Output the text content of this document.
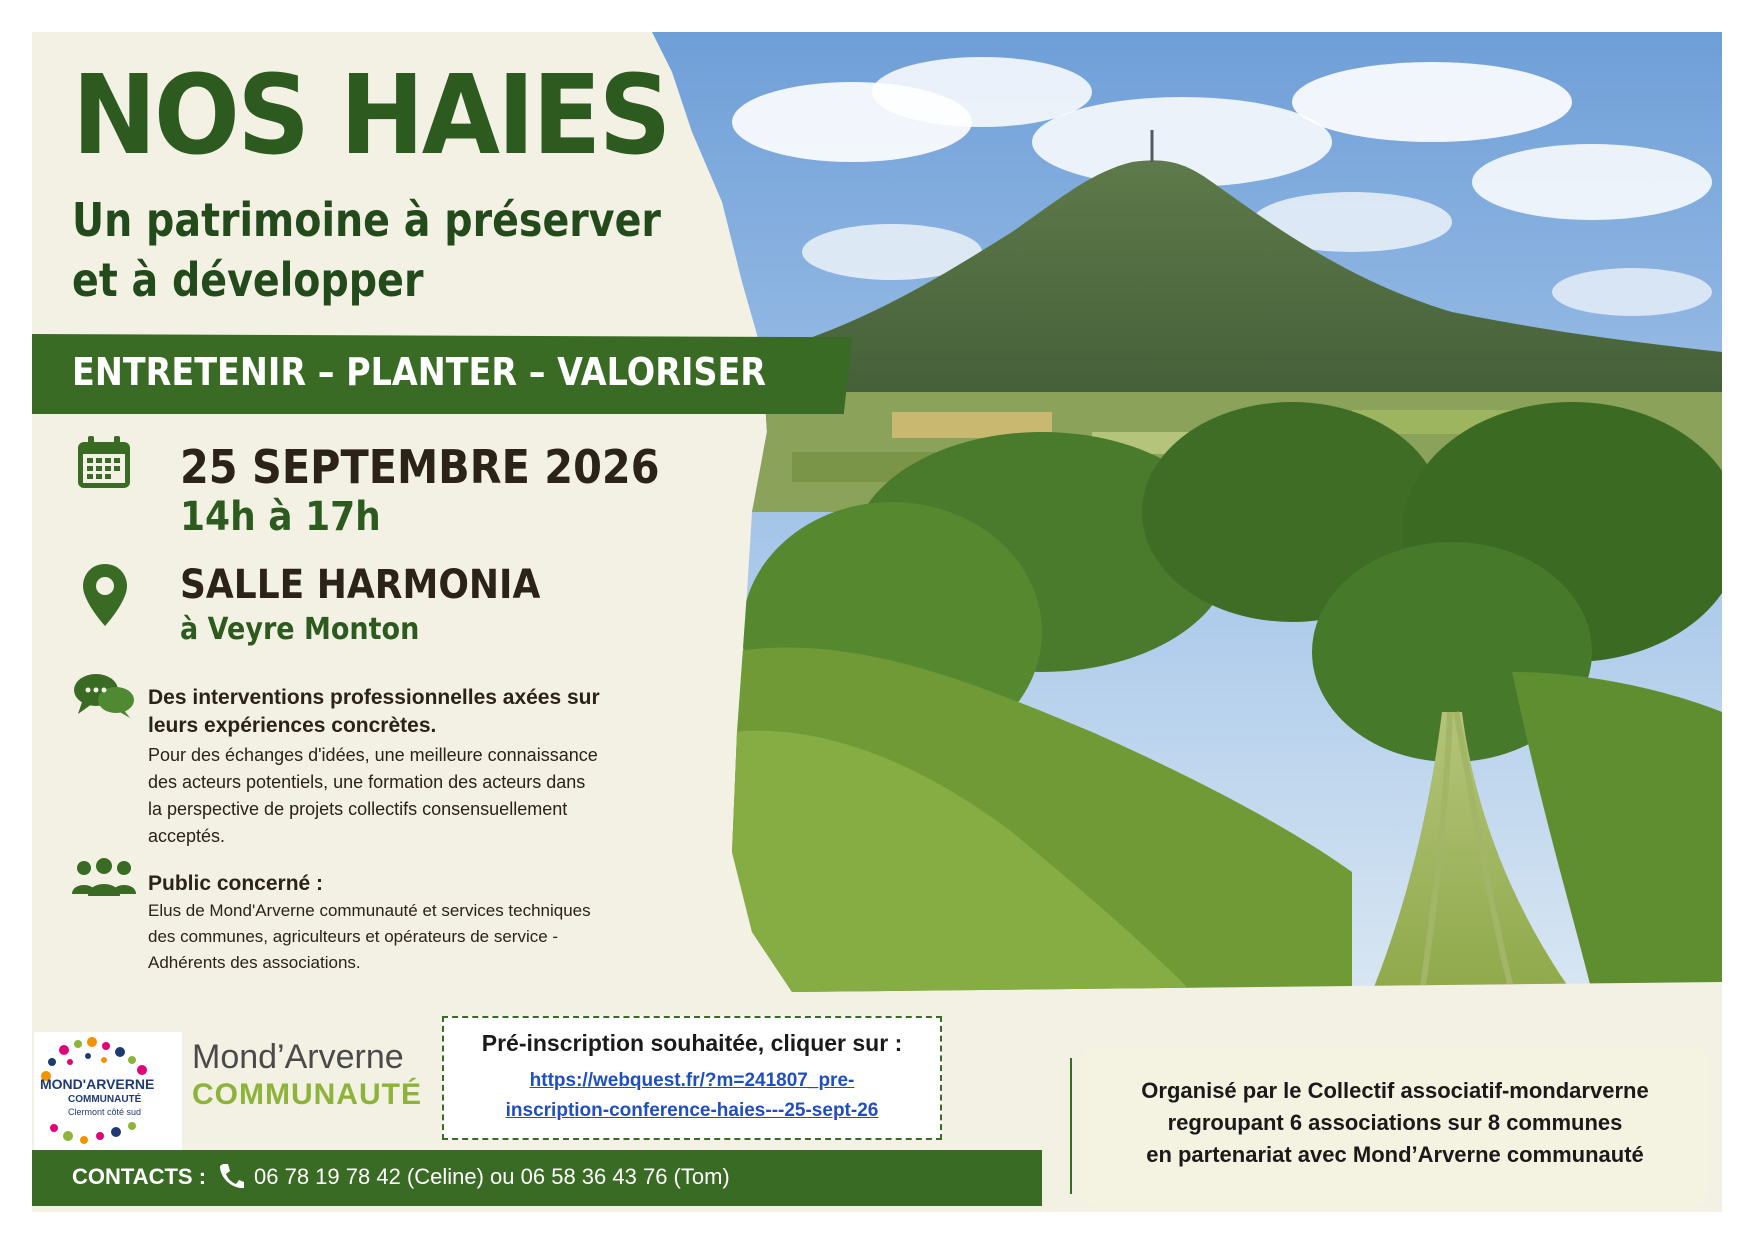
NOS HAIES
Un patrimoine à préserver
et à développer
ENTRETENIR – PLANTER – VALORISER
25 SEPTEMBRE 2026
14h à 17h
SALLE HARMONIA
à Veyre Monton
Des interventions professionnelles axées sur
leurs expériences concrètes.
Pour des échanges d'idées, une meilleure connaissance
des acteurs potentiels, une formation des acteurs dans
la perspective de projets collectifs consensuellement
acceptés.
Public concerné :
Elus de Mond'Arverne communauté et services techniques
des communes, agriculteurs et opérateurs de service -
Adhérents des associations.
MOND'ARVERNE
COMMUNAUTÉ
Clermont côté sud
Mond’Arverne
COMMUNAUTÉ
Pré-inscription souhaitée, cliquer sur :
https://webquest.fr/?m=241807_pre-
inscription-conference-haies---25-sept-26
CONTACTS : 06 78 19 78 42 (Celine) ou 06 58 36 43 76 (Tom)
Organisé par le Collectif associatif-mondarverne
regroupant 6 associations sur 8 communes
en partenariat avec Mond’Arverne communauté
